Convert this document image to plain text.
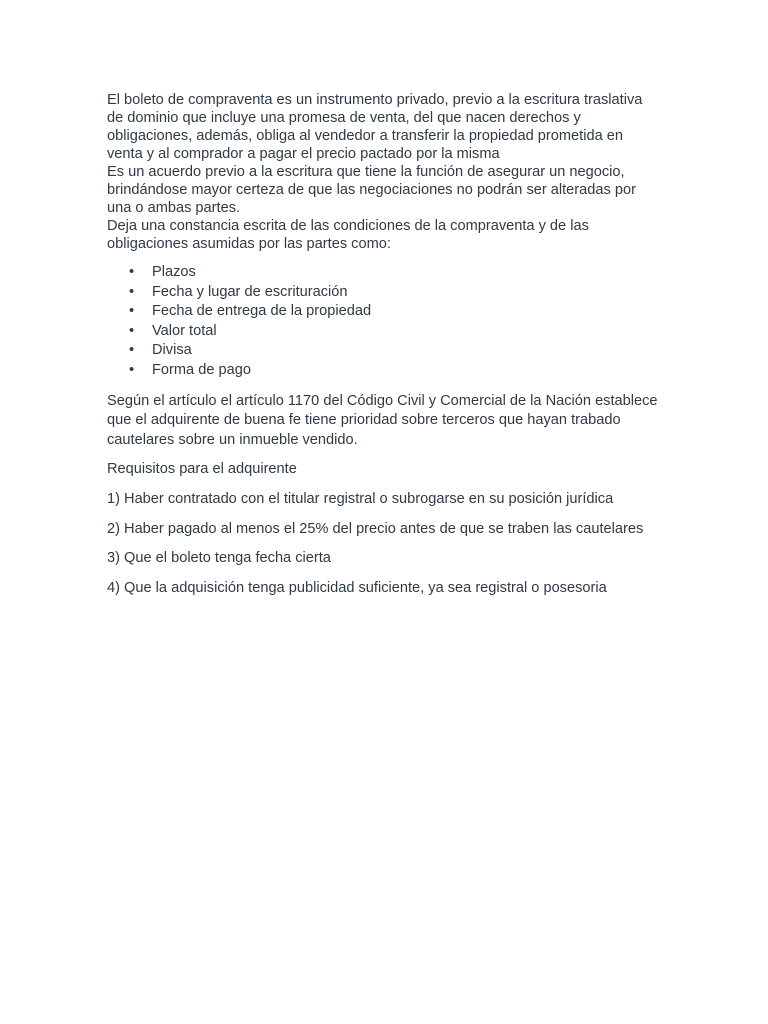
El boleto de compraventa es un instrumento privado, previo a la escritura traslativa
de dominio que incluye una promesa de venta, del que nacen derechos y
obligaciones, además, obliga al vendedor a transferir la propiedad prometida en
venta y al comprador a pagar el precio pactado por la misma

Es un acuerdo previo a la escritura que tiene la función de asegurar un negocio,
brindándose mayor certeza de que las negociaciones no podrán ser alteradas por
una o ambas partes.

Deja una constancia escrita de las condiciones de la compraventa y de las
obligaciones asumidas por las partes como:

• Plazos
• Fecha y lugar de escrituración
• Fecha de entrega de la propiedad
• Valor total
• Divisa
• Forma de pago

Según el artículo el artículo 1170 del Código Civil y Comercial de la Nación establece que el adquirente de buena fe tiene prioridad sobre terceros que hayan trabado cautelares sobre un inmueble vendido.

Requisitos para el adquirente

1) Haber contratado con el titular registral o subrogarse en su posición jurídica

2) Haber pagado al menos el 25% del precio antes de que se traben las cautelares

3) Que el boleto tenga fecha cierta

4) Que la adquisición tenga publicidad suficiente, ya sea registral o posesoria
